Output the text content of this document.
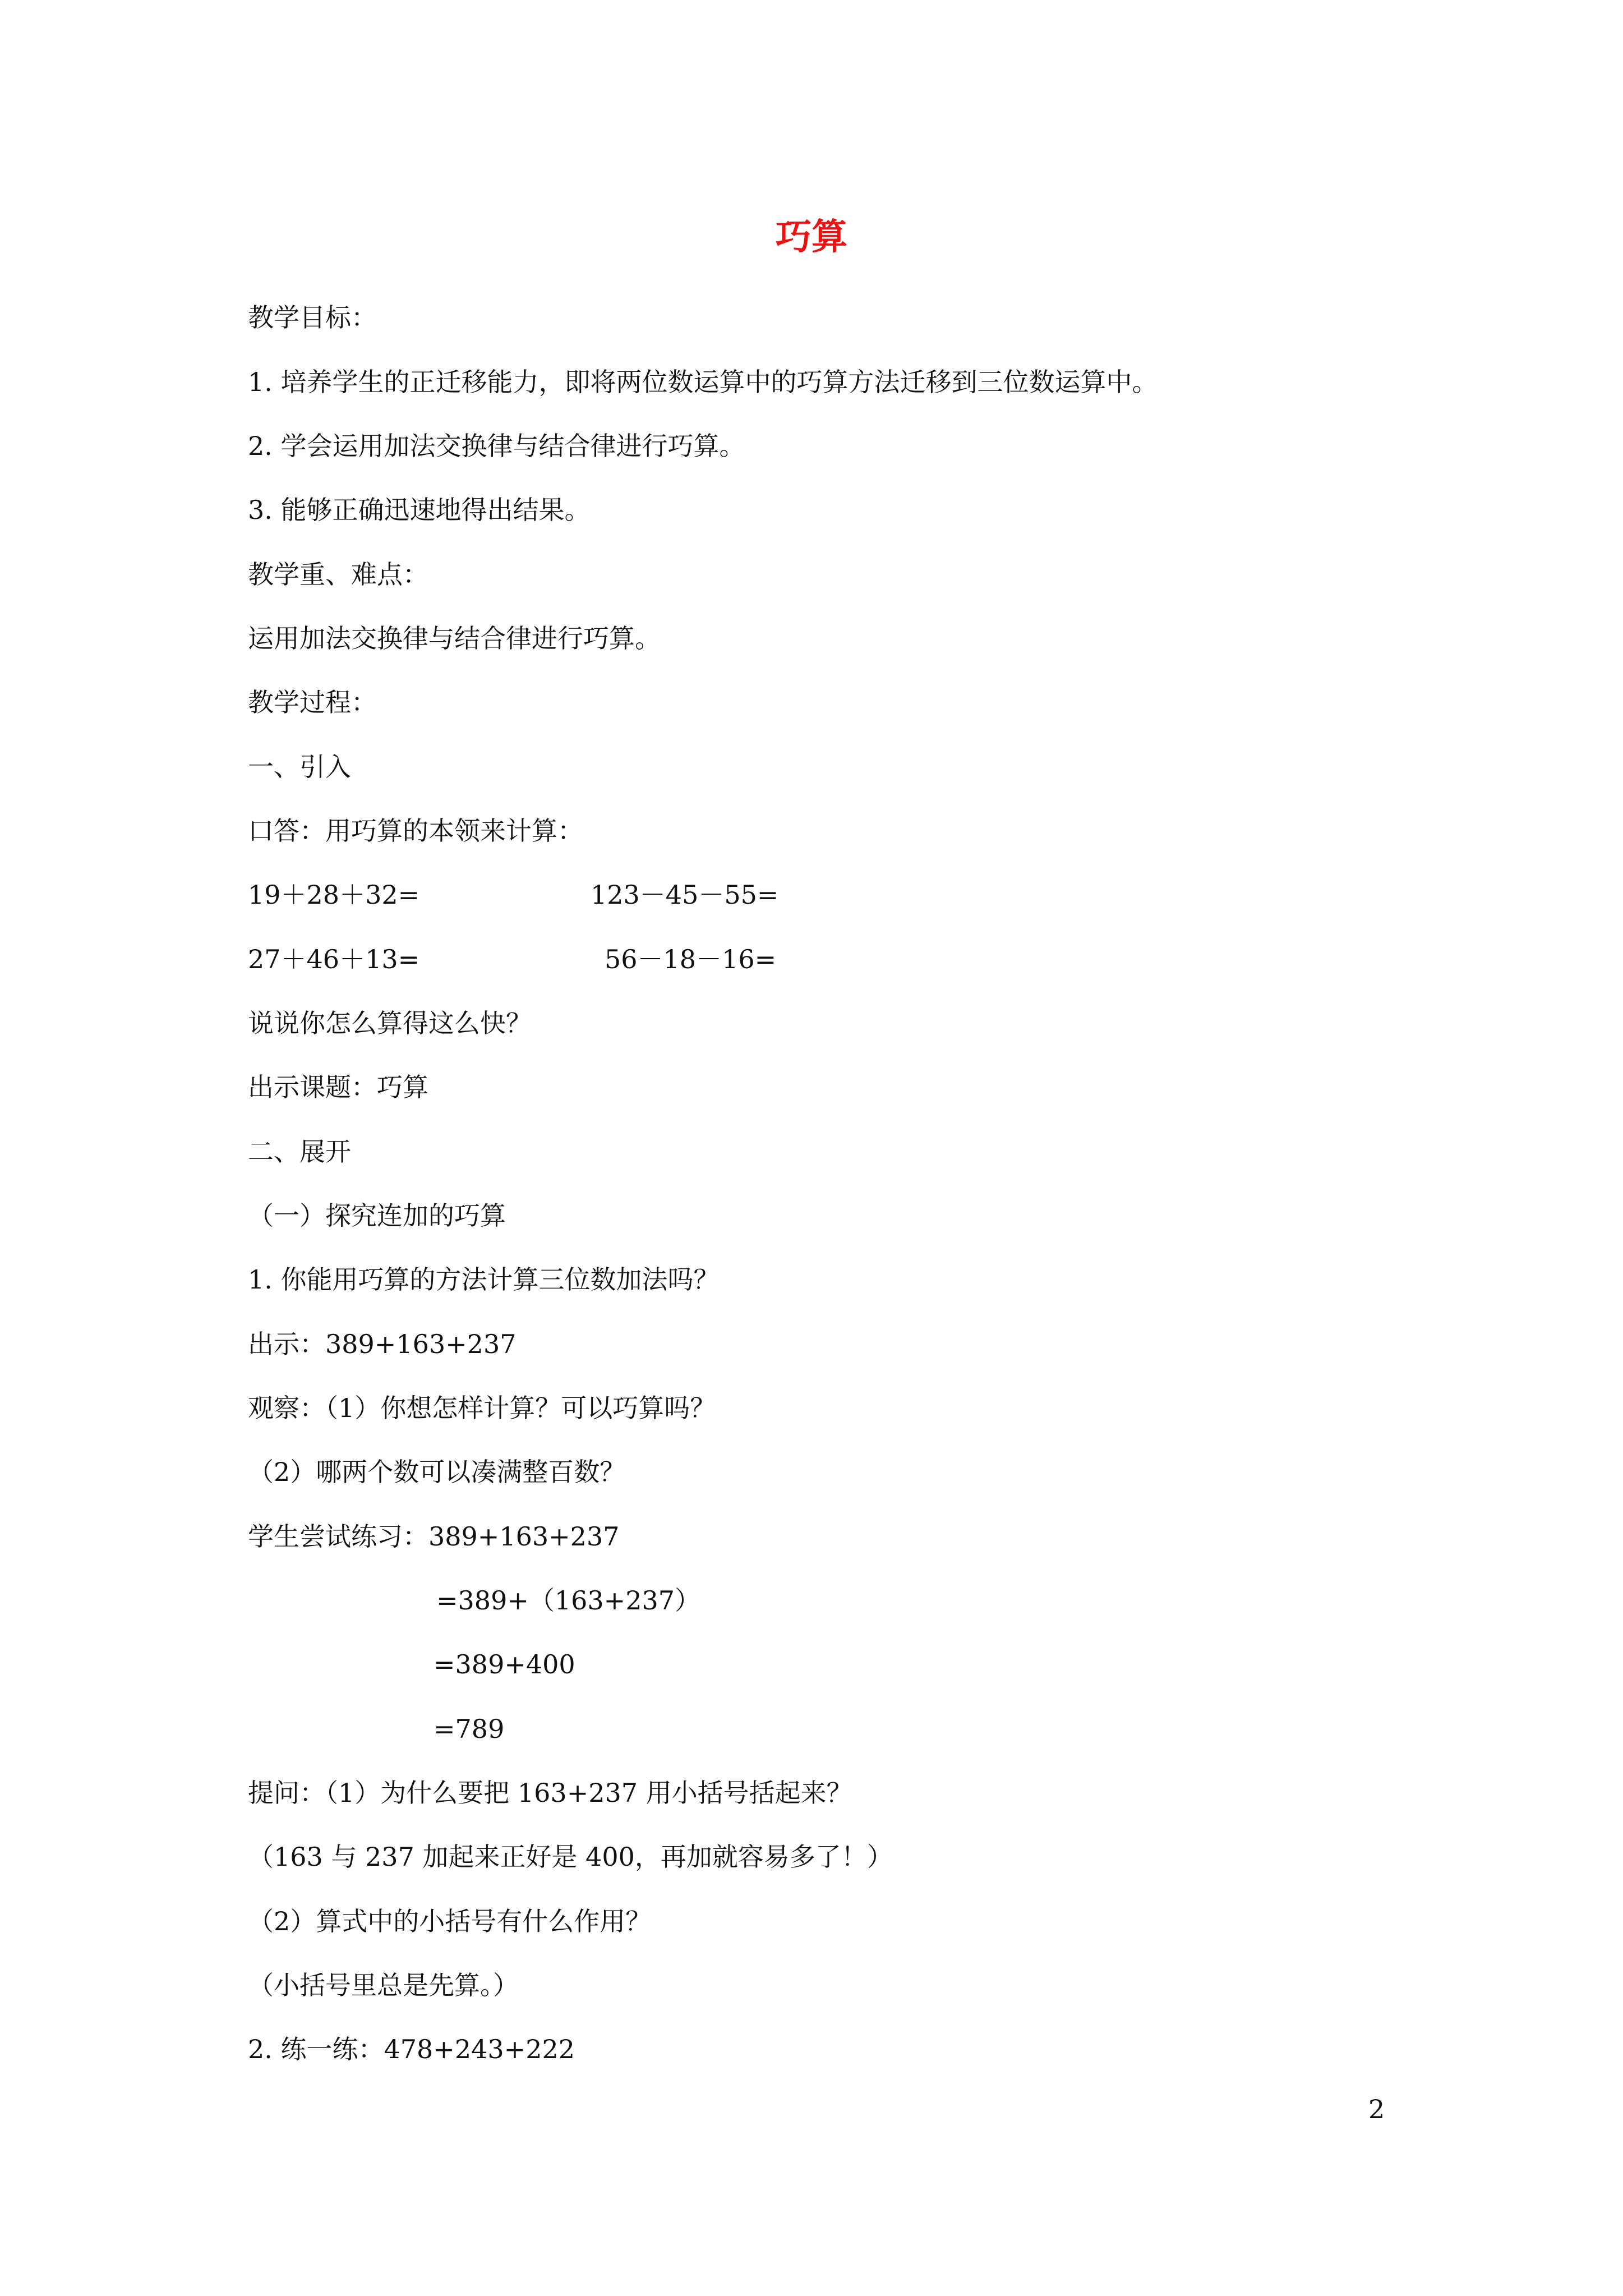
巧算
教学目标：
1. 培养学生的正迁移能力，即将两位数运算中的巧算方法迁移到三位数运算中。
2. 学会运用加法交换律与结合律进行巧算。
3. 能够正确迅速地得出结果。
教学重、难点：
运用加法交换律与结合律进行巧算。
教学过程：
一、引入
口答：用巧算的本领来计算：
19＋28＋32=	123－45－55=
27＋46＋13=	56－18－16=
说说你怎么算得这么快？
出示课题：巧算
二、展开
（一）探究连加的巧算
1. 你能用巧算的方法计算三位数加法吗？
出示：389+163+237
观察：（1）你想怎样计算？可以巧算吗？
（2）哪两个数可以凑满整百数？
学生尝试练习：389+163+237
=389+（163+237）
=389+400
=789
提问：（1）为什么要把 163+237 用小括号括起来？
（163 与 237 加起来正好是 400，再加就容易多了！）
（2）算式中的小括号有什么作用？
（小括号里总是先算。）
2. 练一练：478+243+222
2
